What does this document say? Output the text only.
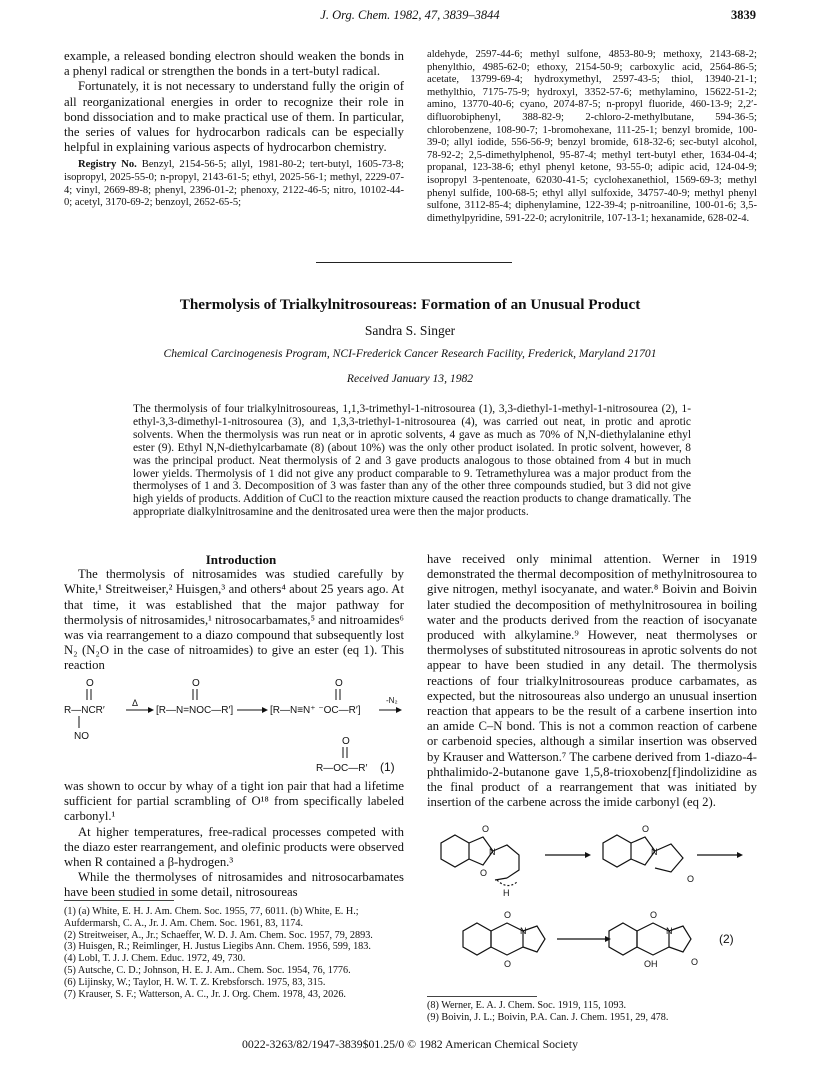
J. Org. Chem. 1982, 47, 3839–3844	3839

example, a released bonding electron should weaken the bonds in a phenyl radical or strengthen the bonds in a tert-butyl radical.

Fortunately, it is not necessary to understand fully the origin of all reorganizational energies in order to recognize their role in bond dissociation and to make practical use of them. In particular, the series of values for hydrocarbon radicals can be especially helpful in explaining various aspects of hydrocarbon chemistry.

Registry No. Benzyl, 2154-56-5; allyl, 1981-80-2; tert-butyl, 1605-73-8; isopropyl, 2025-55-0; n-propyl, 2143-61-5; ethyl, 2025-56-1; methyl, 2229-07-4; vinyl, 2669-89-8; phenyl, 2396-01-2; phenoxy, 2122-46-5; nitro, 10102-44-0; acetyl, 3170-69-2; benzoyl, 2652-65-5;

aldehyde, 2597-44-6; methyl sulfone, 4853-80-9; methoxy, 2143-68-2; phenylthio, 4985-62-0; ethoxy, 2154-50-9; carboxylic acid, 2564-86-5; acetate, 13799-69-4; hydroxymethyl, 2597-43-5; thiol, 13940-21-1; methylthio, 7175-75-9; hydroxyl, 3352-57-6; methylamino, 15622-51-2; amino, 13770-40-6; cyano, 2074-87-5; n-propyl fluoride, 460-13-9; 2,2′-difluorobiphenyl, 388-82-9; 2-chloro-2-methylbutane, 594-36-5; chlorobenzene, 108-90-7; 1-bromohexane, 111-25-1; benzyl bromide, 100-39-0; allyl iodide, 556-56-9; benzyl bromide, 618-32-6; sec-butyl alcohol, 78-92-2; 2,5-dimethylphenol, 95-87-4; methyl tert-butyl ether, 1634-04-4; propanal, 123-38-6; ethyl phenyl ketone, 93-55-0; adipic acid, 124-04-9; isopropyl 3-pentenoate, 62030-41-5; cyclohexanethiol, 1569-69-3; methyl phenyl sulfide, 100-68-5; ethyl allyl sulfoxide, 34757-40-9; methyl phenyl sulfone, 3112-85-4; diphenylamine, 122-39-4; p-nitroaniline, 100-01-6; 3,5-dimethylpyridine, 591-22-0; acrylonitrile, 107-13-1; hexanamide, 628-02-4.

Thermolysis of Trialkylnitrosoureas: Formation of an Unusual Product
Sandra S. Singer
Chemical Carcinogenesis Program, NCI-Frederick Cancer Research Facility, Frederick, Maryland 21701
Received January 13, 1982
The thermolysis of four trialkylnitrosoureas, 1,1,3-trimethyl-1-nitrosourea (1), 3,3-diethyl-1-methyl-1-nitrosourea (2), 1-ethyl-3,3-dimethyl-1-nitrosourea (3), and 1,3,3-triethyl-1-nitrosourea (4), was carried out neat, in protic and aprotic solvents. When the thermolysis was run neat or in aprotic solvents, 4 gave as much as 70% of N,N-diethylalanine ethyl ester (9). Ethyl N,N-diethylcarbamate (8) (about 10%) was the only other product isolated. In protic solvent, however, 8 was the principal product. Neat thermolysis of 2 and 3 gave products analogous to those obtained from 4 but in much lower yields. Thermolysis of 1 did not give any product comparable to 9. Tetramethylurea was a major product from the thermolyses of 1 and 3. Decomposition of 3 was faster than any of the other three compounds studied, but 3 did not give high yields of products. Addition of CuCl to the reaction mixture caused the reaction products to change dramatically. The appropriate dialkylnitrosamine and the denitrosated urea were then the major products.

Introduction

The thermolysis of nitrosamides was studied carefully by White,¹ Streitweiser,² Huisgen,³ and others⁴ about 25 years ago. At that time, it was established that the major pathway for thermolysis of nitrosamides,¹ nitrosocarbamates,⁵ and nitroamides⁶ was via rearrangement to a diazo compound that subsequently lost N₂ (N₂O in the case of nitroamides) to give an ester (eq 1). This reaction

O
R—NCR′
NO
Δ
O
[R—N=NOC—R′]
O
[R—N≡N⁺ ⁻OC—R′]
-N₂
O
R—OC—R′ (1)

was shown to occur by whay of a tight ion pair that had a lifetime sufficient for partial scrambling of O¹⁸ from specifically labeled carbonyl.¹

At higher temperatures, free-radical processes competed with the diazo ester rearrangement, and olefinic products were observed when R contained a β-hydrogen.³

While the thermolyses of nitrosamides and nitrosocarbamates have been studied in some detail, nitrosoureas

have received only minimal attention. Werner in 1919 demonstrated the thermal decomposition of methylnitrosourea to give nitrogen, methyl isocyanate, and water.⁸ Boivin and Boivin later studied the decomposition of methylnitrosourea in boiling water and the products derived from the reaction of isocyanate produced with alkylamine.⁹ However, neat thermolyses or thermolyses of substituted nitrosoureas in aprotic solvents do not appear to have been studied in any detail. The thermolysis reactions of four trialkylnitrosoureas produce carbamates, as expected, but the nitrosoureas also undergo an unusual insertion reaction that appears to be the result of a carbene insertion into an amide C–N bond. This is not a common reaction of carbene or carbenoid species, although a similar insertion was observed by Krauser and Watterson.⁷ The carbene derived from 1-diazo-4-phthalimido-2-butanone gave 1,5,8-trioxobenz[f]indolizidine as the final product of a rearrangement that was initiated by insertion of the carbene across the imide carbonyl (eq 2).

O
N
O
N
O
O
H
O
N
O
O
N
OH	O
(2)
(1) (a) White, E. H. J. Am. Chem. Soc. 1955, 77, 6011. (b) White, E. H.; Aufdermarsh, C. A., Jr. J. Am. Chem. Soc. 1961, 83, 1174.
(2) Streitweiser, A., Jr.; Schaeffer, W. D. J. Am. Chem. Soc. 1957, 79, 2893.
(3) Huisgen, R.; Reimlinger, H. Justus Liegibs Ann. Chem. 1956, 599, 183.
(4) Lobl, T. J. J. Chem. Educ. 1972, 49, 730.
(5) Autsche, C. D.; Johnson, H. E. J. Am.. Chem. Soc. 1954, 76, 1776.
(6) Lijinsky, W.; Taylor, H. W. T. Z. Krebsforsch. 1975, 83, 315.
(7) Krauser, S. F.; Watterson, A. C., Jr. J. Org. Chem. 1978, 43, 2026.
(8) Werner, E. A. J. Chem. Soc. 1919, 115, 1093.
(9) Boivin, J. L.; Boivin, P.A. Can. J. Chem. 1951, 29, 478.
0022-3263/82/1947-3839$01.25/0 © 1982 American Chemical Society
